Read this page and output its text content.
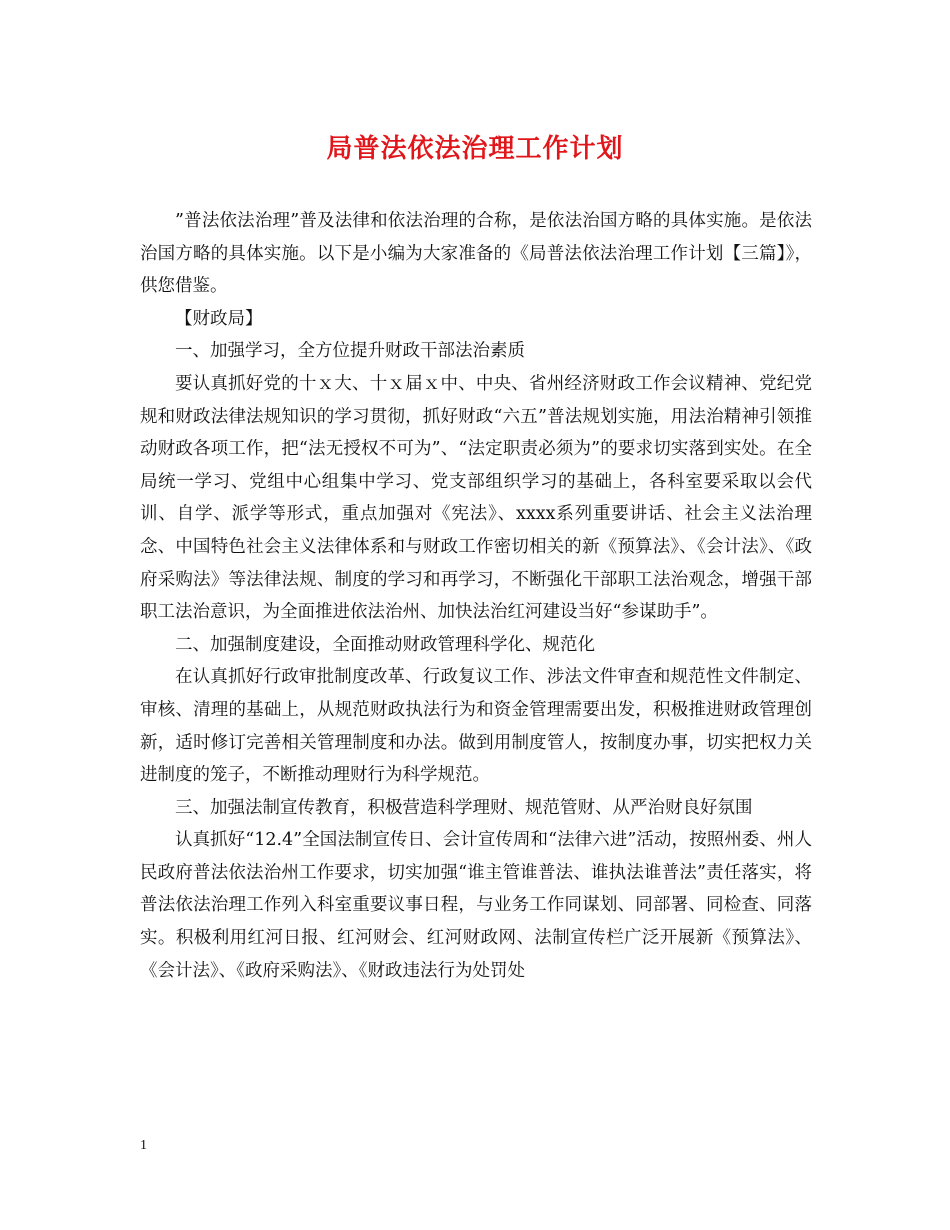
局普法依法治理工作计划

”普法依法治理”普及法律和依法治理的合称，是依法治国方略的具体实施。是依法治国方略的具体实施。以下是小编为大家准备的《局普法依法治理工作计划【三篇】》，供您借鉴。

【财政局】

一、加强学习，全方位提升财政干部法治素质

要认真抓好党的十ｘ大、十ｘ届ｘ中、中央、省州经济财政工作会议精神、党纪党规和财政法律法规知识的学习贯彻，抓好财政“六五”普法规划实施，用法治精神引领推动财政各项工作，把“法无授权不可为”、“法定职责必须为”的要求切实落到实处。在全局统一学习、党组中心组集中学习、党支部组织学习的基础上，各科室要采取以会代训、自学、派学等形式，重点加强对《宪法》、xxxx系列重要讲话、社会主义法治理念、中国特色社会主义法律体系和与财政工作密切相关的新《预算法》、《会计法》、《政府采购法》等法律法规、制度的学习和再学习，不断强化干部职工法治观念，增强干部职工法治意识，为全面推进依法治州、加快法治红河建设当好“参谋助手”。

二、加强制度建设，全面推动财政管理科学化、规范化

在认真抓好行政审批制度改革、行政复议工作、涉法文件审查和规范性文件制定、审核、清理的基础上，从规范财政执法行为和资金管理需要出发，积极推进财政管理创新，适时修订完善相关管理制度和办法。做到用制度管人，按制度办事，切实把权力关进制度的笼子，不断推动理财行为科学规范。

三、加强法制宣传教育，积极营造科学理财、规范管财、从严治财良好氛围

认真抓好“12.4”全国法制宣传日、会计宣传周和“法律六进”活动，按照州委、州人民政府普法依法治州工作要求，切实加强“谁主管谁普法、谁执法谁普法”责任落实，将普法依法治理工作列入科室重要议事日程，与业务工作同谋划、同部署、同检查、同落实。积极利用红河日报、红河财会、红河财政网、法制宣传栏广泛开展新《预算法》、《会计法》、《政府采购法》、《财政违法行为处罚处

1
